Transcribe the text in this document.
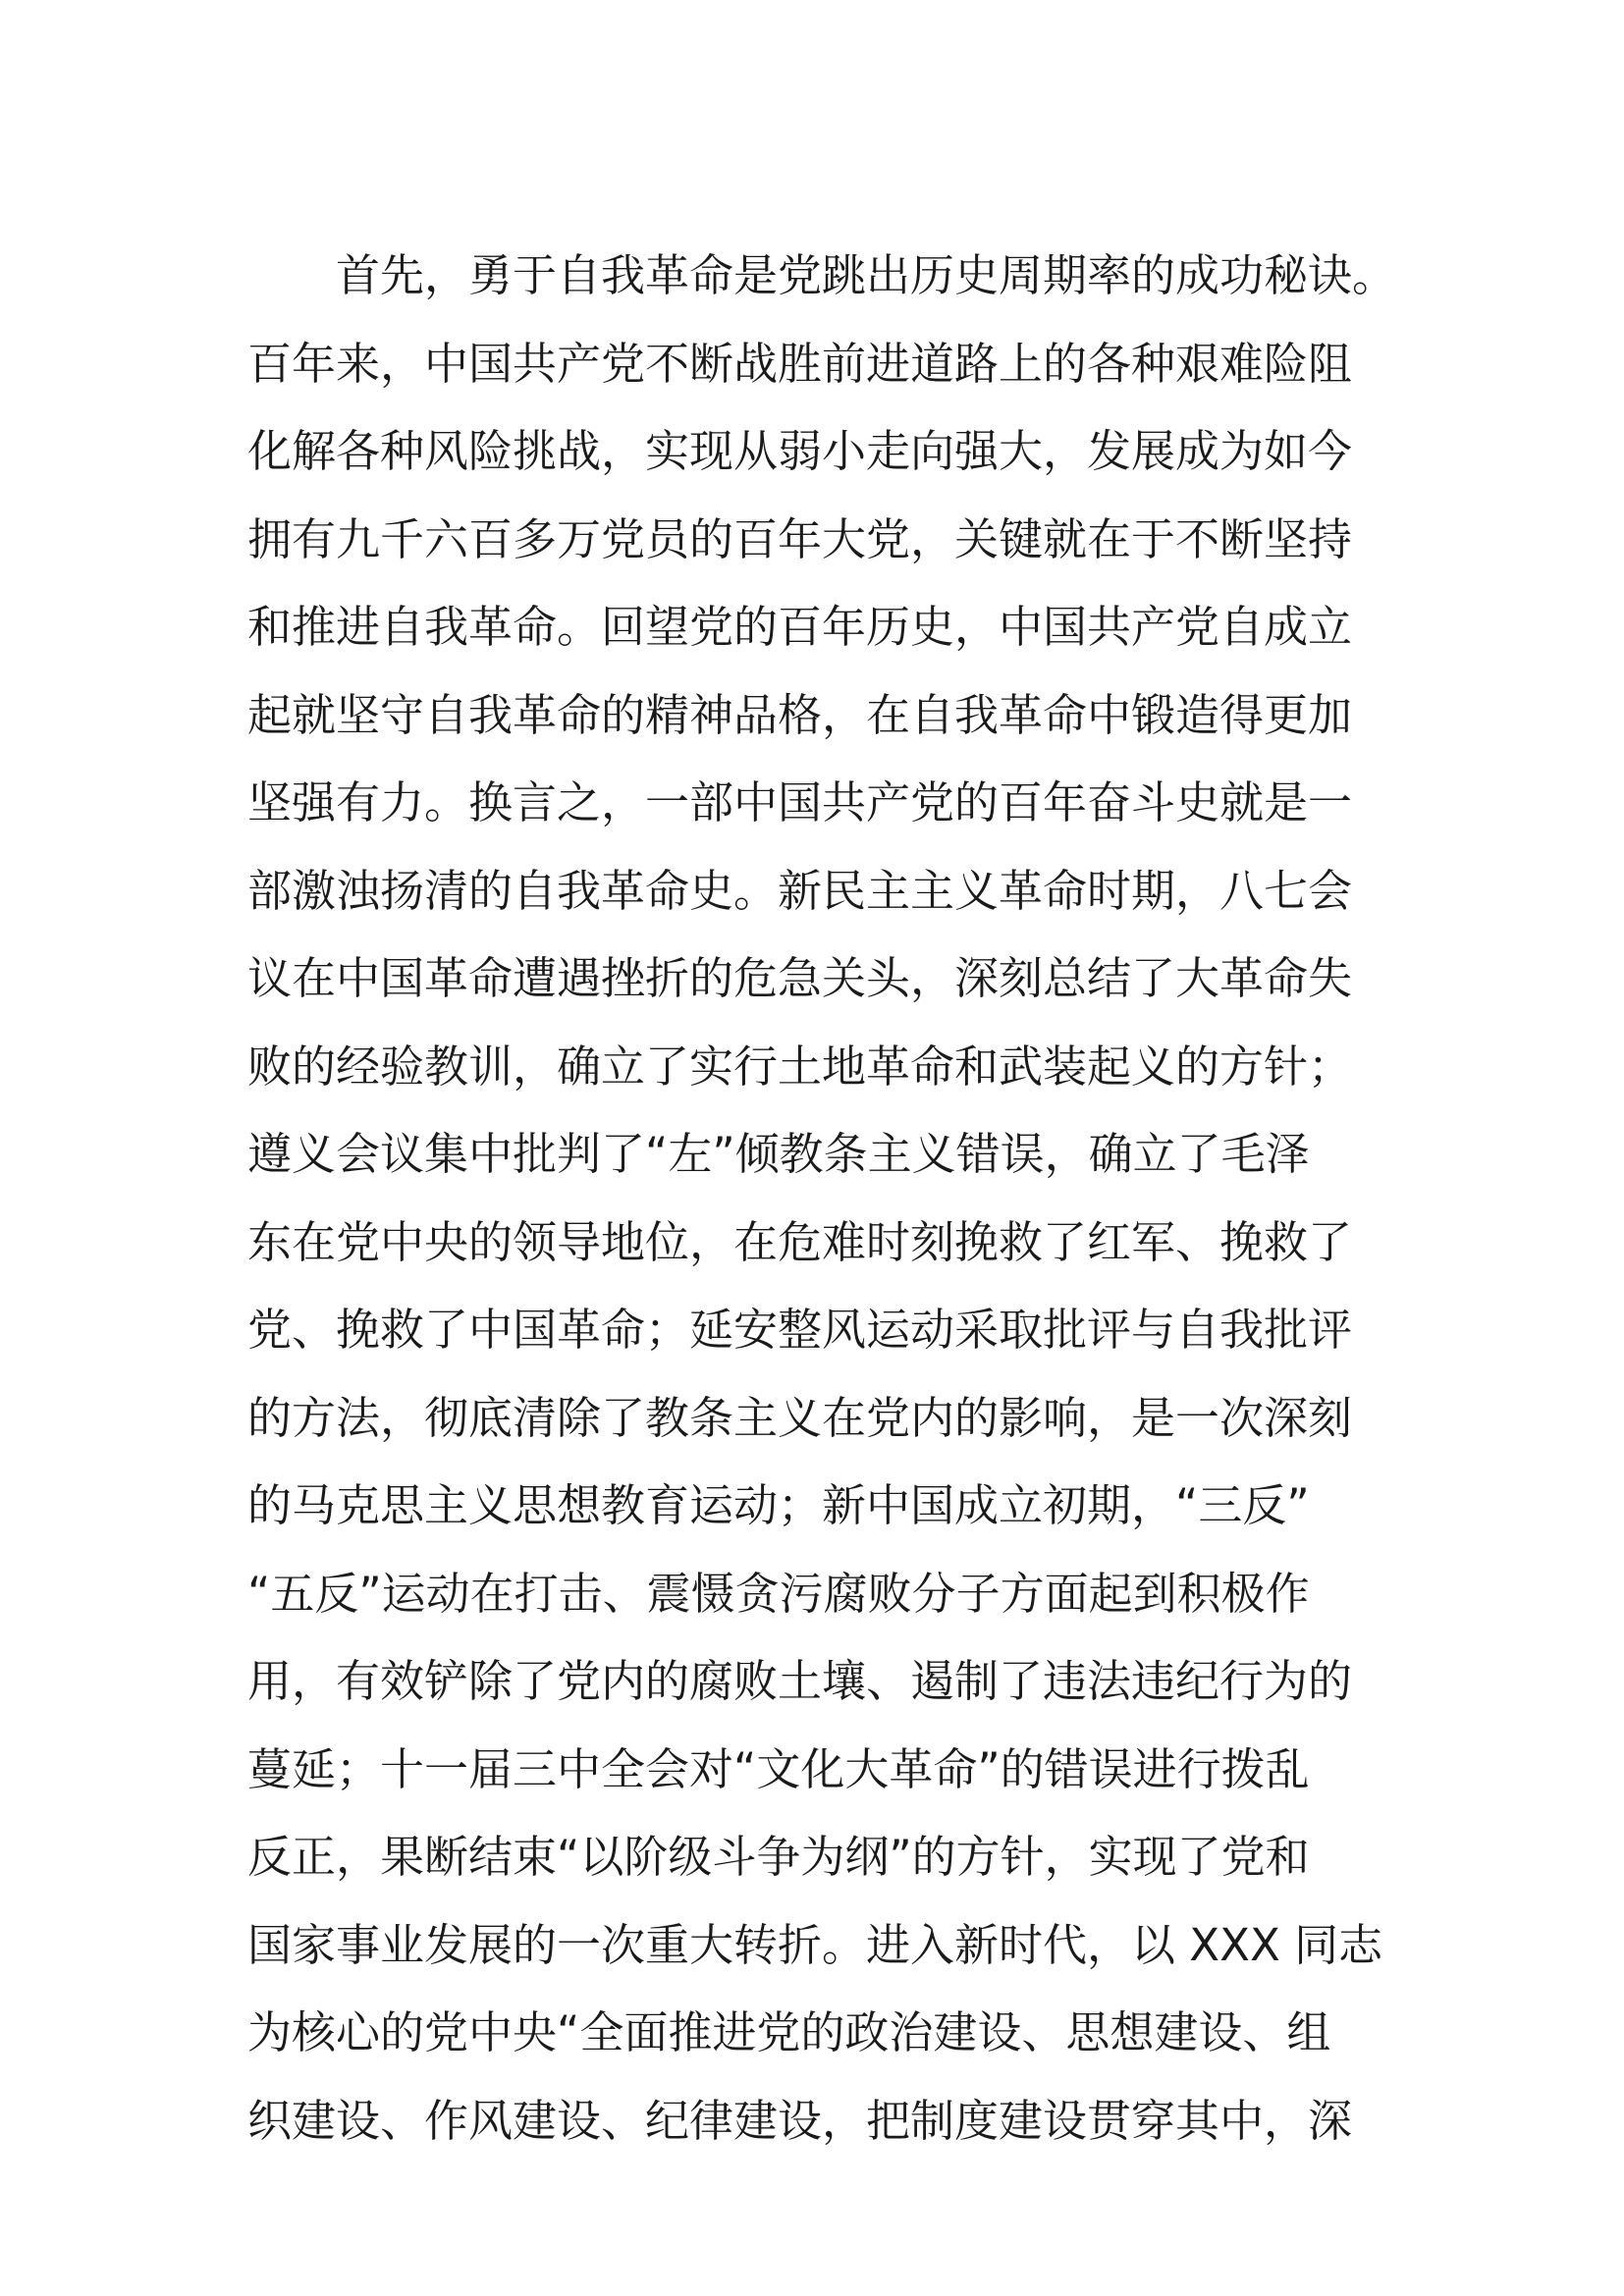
首先，勇于自我革命是党跳出历史周期率的成功秘诀。
百年来，中国共产党不断战胜前进道路上的各种艰难险阻
化解各种风险挑战，实现从弱小走向强大，发展成为如今
拥有九千六百多万党员的百年大党，关键就在于不断坚持
和推进自我革命。回望党的百年历史，中国共产党自成立
起就坚守自我革命的精神品格，在自我革命中锻造得更加
坚强有力。换言之，一部中国共产党的百年奋斗史就是一
部激浊扬清的自我革命史。新民主主义革命时期，八七会
议在中国革命遭遇挫折的危急关头，深刻总结了大革命失
败的经验教训，确立了实行土地革命和武装起义的方针；
遵义会议集中批判了“左”倾教条主义错误，确立了毛泽
东在党中央的领导地位，在危难时刻挽救了红军、挽救了
党、挽救了中国革命；延安整风运动采取批评与自我批评
的方法，彻底清除了教条主义在党内的影响，是一次深刻
的马克思主义思想教育运动；新中国成立初期，“三反”
“五反”运动在打击、震慑贪污腐败分子方面起到积极作
用，有效铲除了党内的腐败土壤、遏制了违法违纪行为的
蔓延；十一届三中全会对“文化大革命”的错误进行拨乱
反正，果断结束“以阶级斗争为纲”的方针，实现了党和
国家事业发展的一次重大转折。进入新时代，以 XXX 同志
为核心的党中央“全面推进党的政治建设、思想建设、组
织建设、作风建设、纪律建设，把制度建设贯穿其中，深
